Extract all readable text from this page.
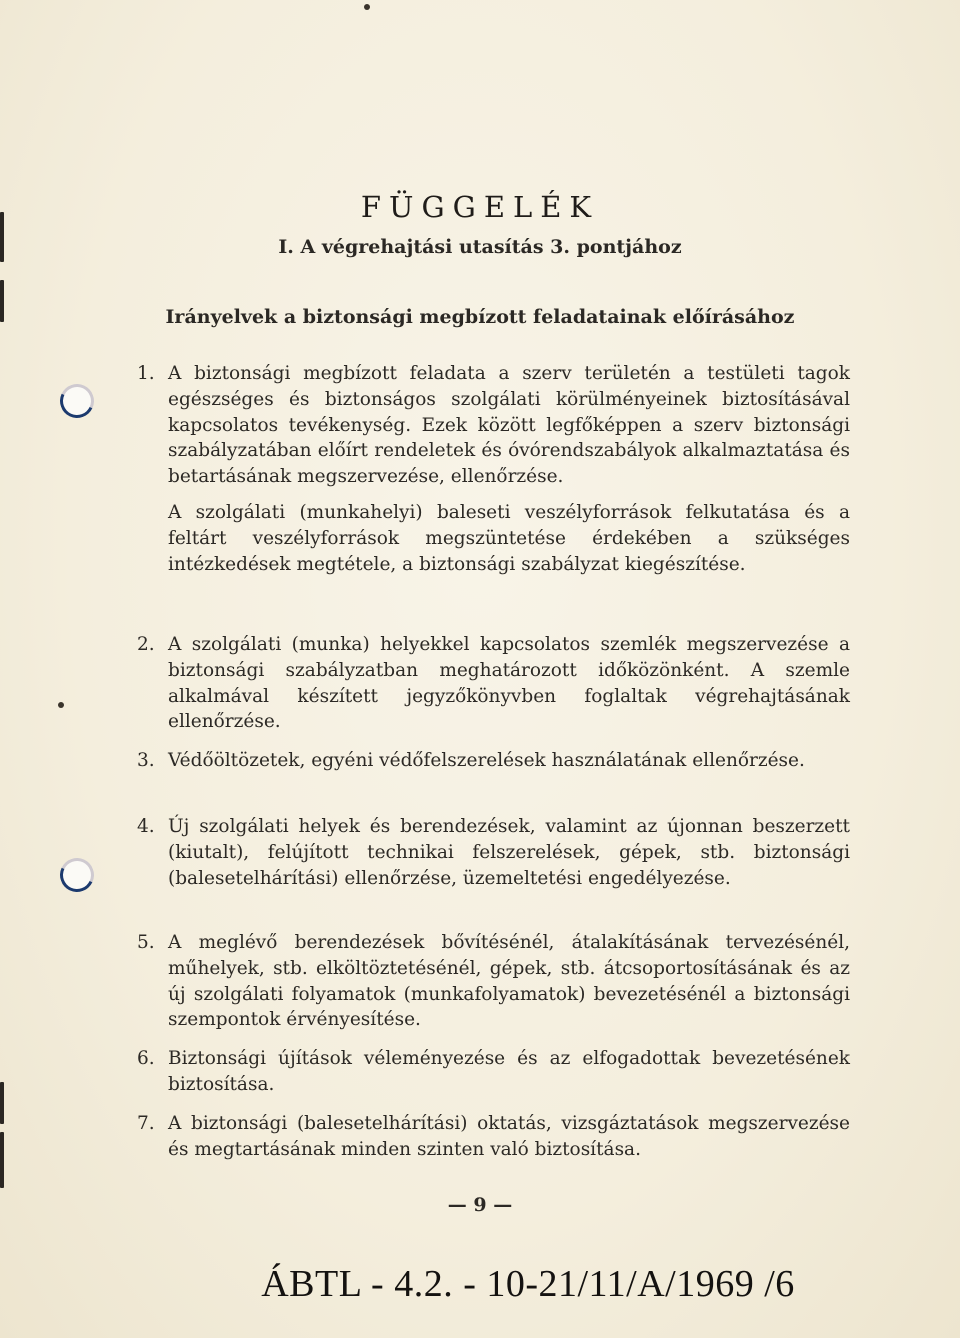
FÜGGELÉK
I. A végrehajtási utasítás 3. pontjához
Irányelvek a biztonsági megbízott feladatainak előírásához
1. A biztonsági megbízott feladata a szerv területén a testületi tagok egészséges és biztonságos szolgálati körülményeinek biztosításával kapcsolatos tevékenység. Ezek között legfőképpen a szerv biztonsági szabályzatában előírt rendeletek és óvórendszabályok alkalmaztatása és betartásának megszervezése, ellenőrzése.
A szolgálati (munkahelyi) baleseti veszélyforrások felkutatása és a feltárt veszélyforrások megszüntetése érdekében a szükséges intézkedések megtétele, a biztonsági szabályzat kiegészítése.
2. A szolgálati (munka) helyekkel kapcsolatos szemlék megszervezése a biztonsági szabályzatban meghatározott időközönként. A szemle alkalmával készített jegyzőkönyvben foglaltak végrehajtásának ellenőrzése.
3. Védőöltözetek, egyéni védőfelszerelések használatának ellenőrzése.
4. Új szolgálati helyek és berendezések, valamint az újonnan beszerzett (kiutalt), felújított technikai felszerelések, gépek, stb. biztonsági (balesetelhárítási) ellenőrzése, üzemeltetési engedélyezése.
5. A meglévő berendezések bővítésénél, átalakításának tervezésénél, műhelyek, stb. elköltöztetésénél, gépek, stb. átcsoportosításának és az új szolgálati folyamatok (munkafolyamatok) bevezetésénél a biztonsági szempontok érvényesítése.
6. Biztonsági újítások véleményezése és az elfogadottak bevezetésének biztosítása.
7. A biztonsági (balesetelhárítási) oktatás, vizsgáztatások megszervezése és megtartásának minden szinten való biztosítása.
— 9 —
ÁBTL - 4.2. - 10-21/11/A/1969 /6
